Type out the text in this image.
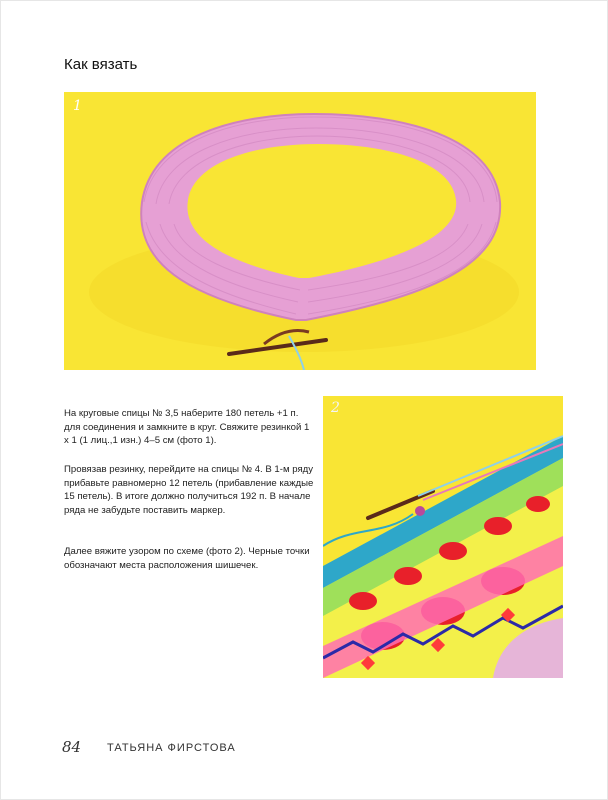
Как вязать
1
2

На круговые спицы № 3,5 наберите 180 петель +1 п. для соединения и замкните в круг. Свяжите резинкой 1 х 1 (1 лиц.,1 изн.) 4–5 см (фото 1).

Провязав резинку, перейдите на спицы № 4. В 1-м ряду прибавьте равномерно 12 петель (прибавление каждые 15 петель). В итоге должно получиться 192 п. В начале ряда не забудьте поставить маркер.

Далее вяжите узором по схеме (фото 2). Черные точки обозначают места расположения шишечек.

84 ТАТЬЯНА ФИРСТОВА
